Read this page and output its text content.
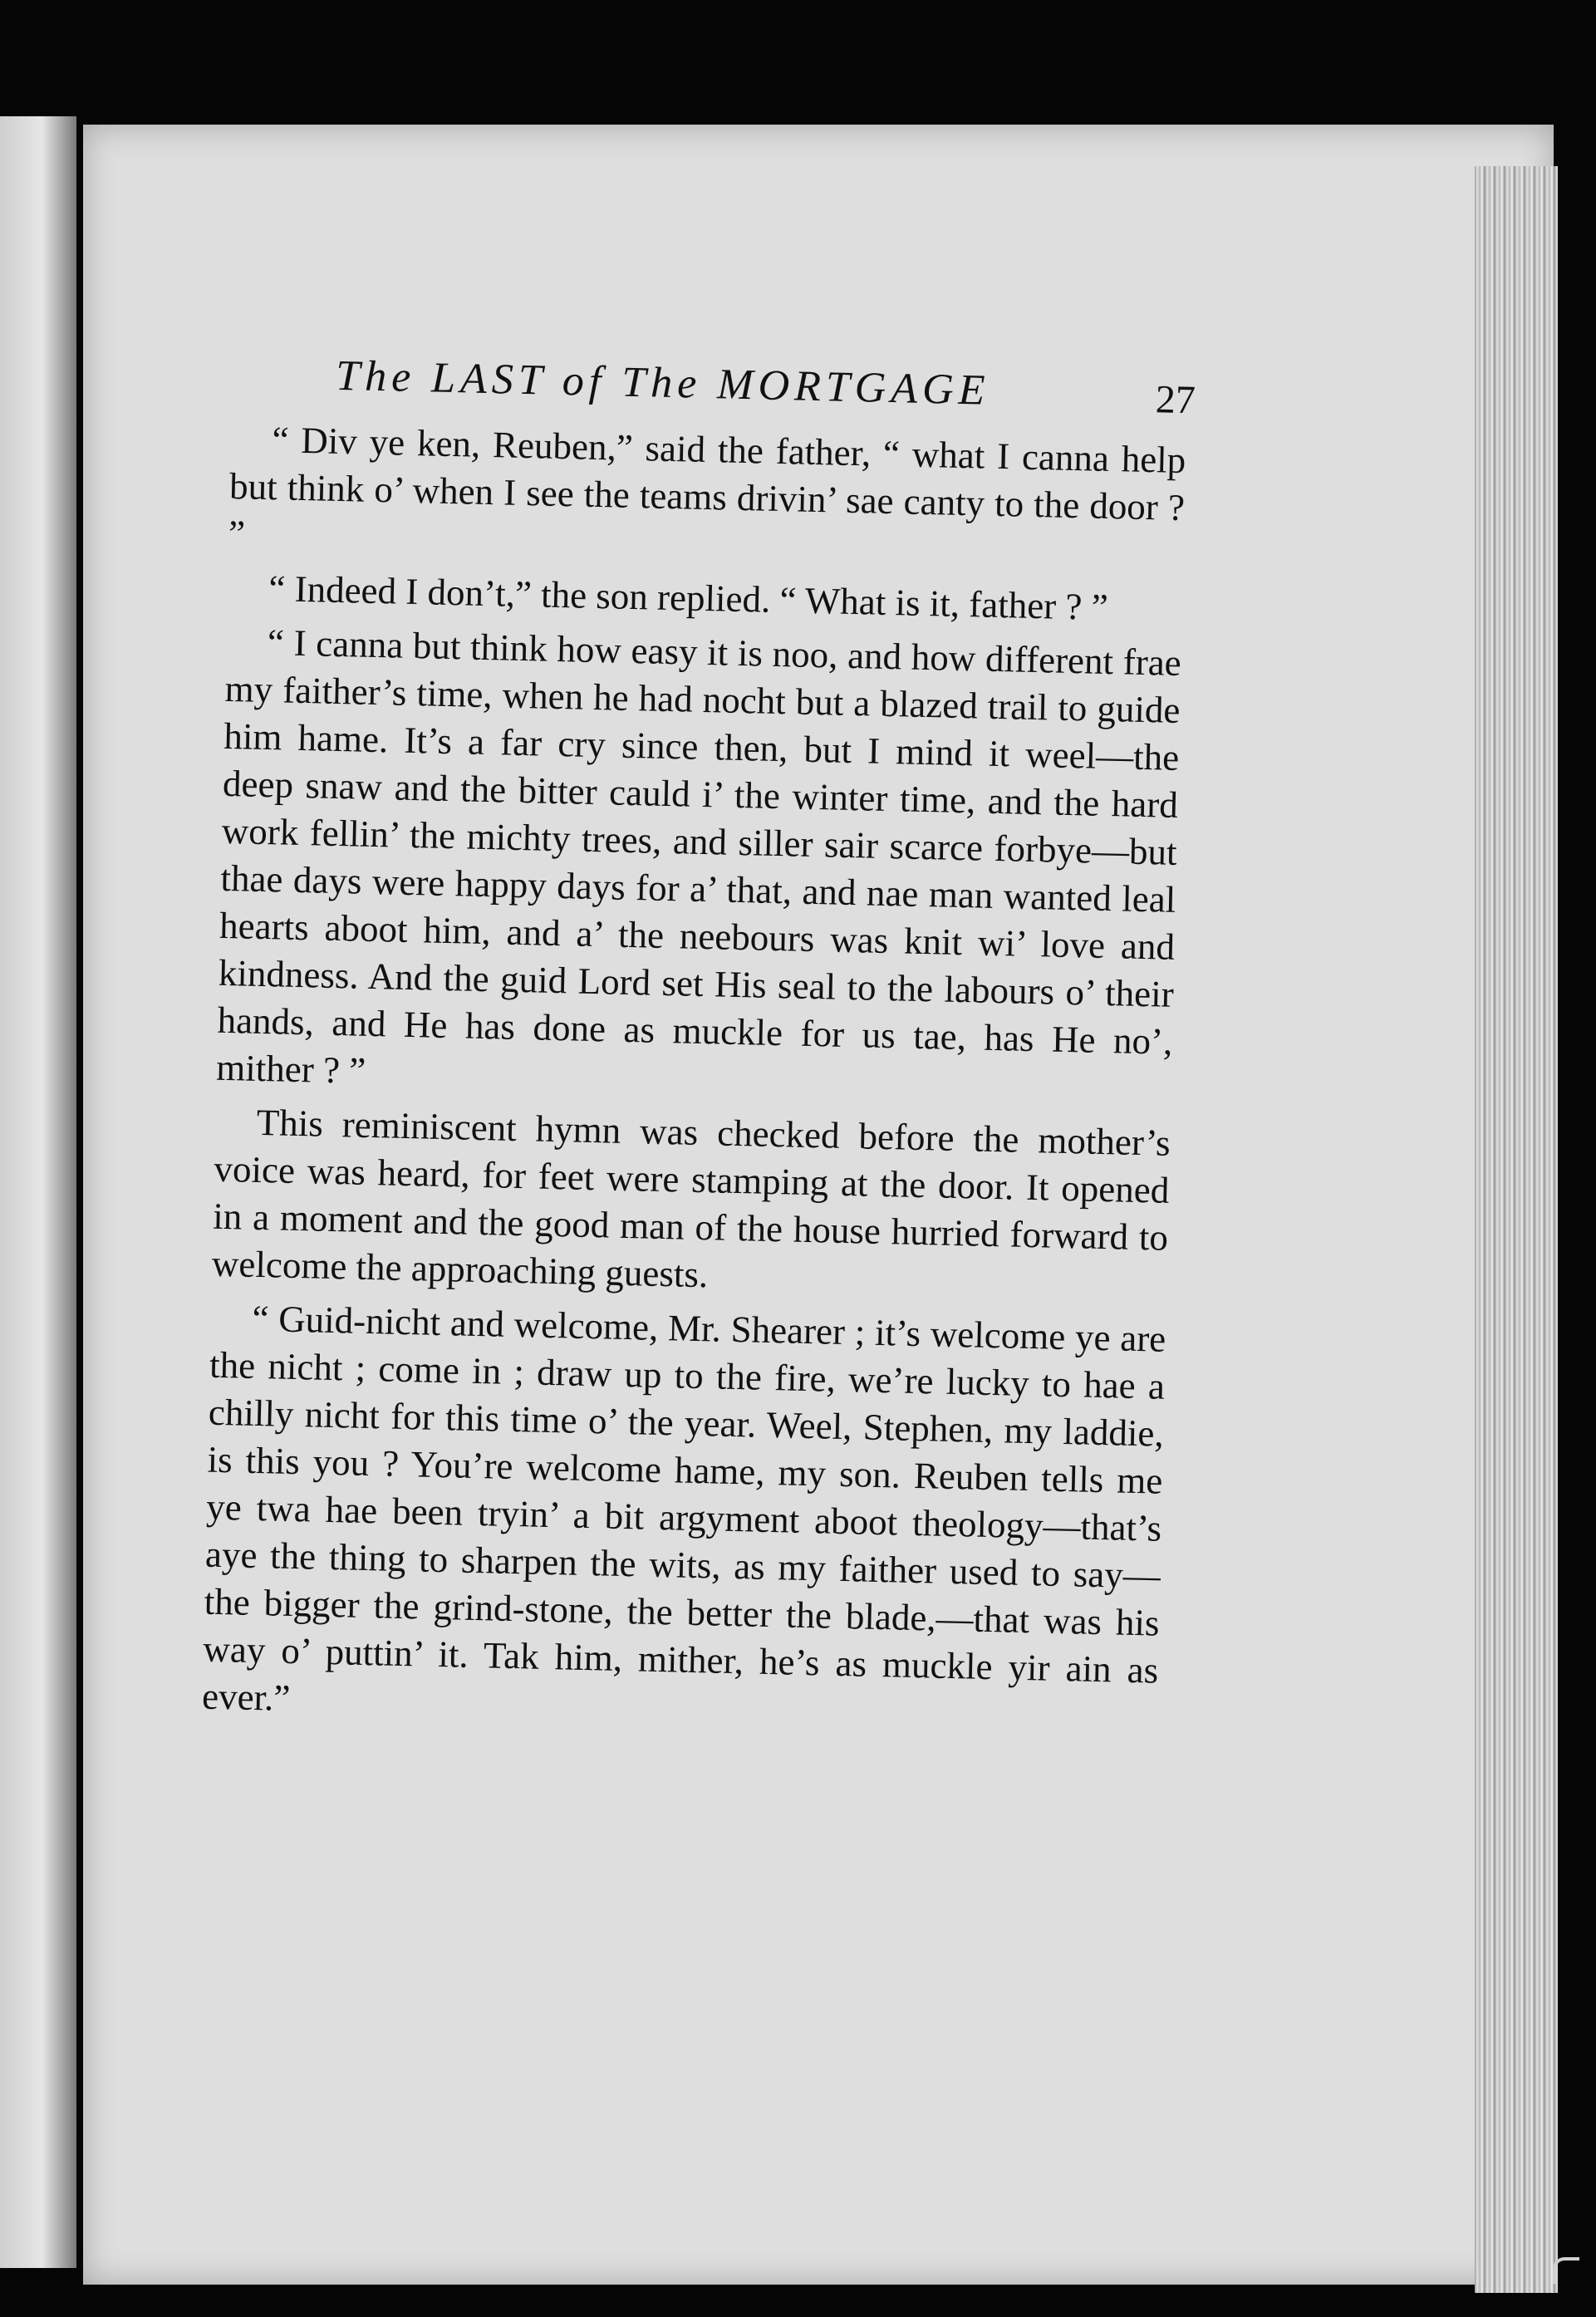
The LAST of The MORTGAGE	27

“ Div ye ken, Reuben,” said the father, “ what I canna help but think o’ when I see the teams drivin’ sae canty to the door ? ”

“ Indeed I don’t,” the son replied. “ What is it, father ? ”

“ I canna but think how easy it is noo, and how different frae my faither’s time, when he had nocht but a blazed trail to guide him hame. It’s a far cry since then, but I mind it weel—the deep snaw and the bitter cauld i’ the winter time, and the hard work fellin’ the michty trees, and siller sair scarce forbye—but thae days were happy days for a’ that, and nae man wanted leal hearts aboot him, and a’ the neebours was knit wi’ love and kindness. And the guid Lord set His seal to the labours o’ their hands, and He has done as muckle for us tae, has He no’, mither ? ”

This reminiscent hymn was checked before the mother’s voice was heard, for feet were stamping at the door. It opened in a moment and the good man of the house hurried forward to welcome the approaching guests.

“ Guid-nicht and welcome, Mr. Shearer ; it’s welcome ye are the nicht ; come in ; draw up to the fire, we’re lucky to hae a chilly nicht for this time o’ the year. Weel, Stephen, my laddie, is this you ? You’re welcome hame, my son. Reuben tells me ye twa hae been tryin’ a bit argyment aboot theology—that’s aye the thing to sharpen the wits, as my faither used to say—the bigger the grind-stone, the better the blade,—that was his way o’ puttin’ it. Tak him, mither, he’s as muckle yir ain as ever.”
